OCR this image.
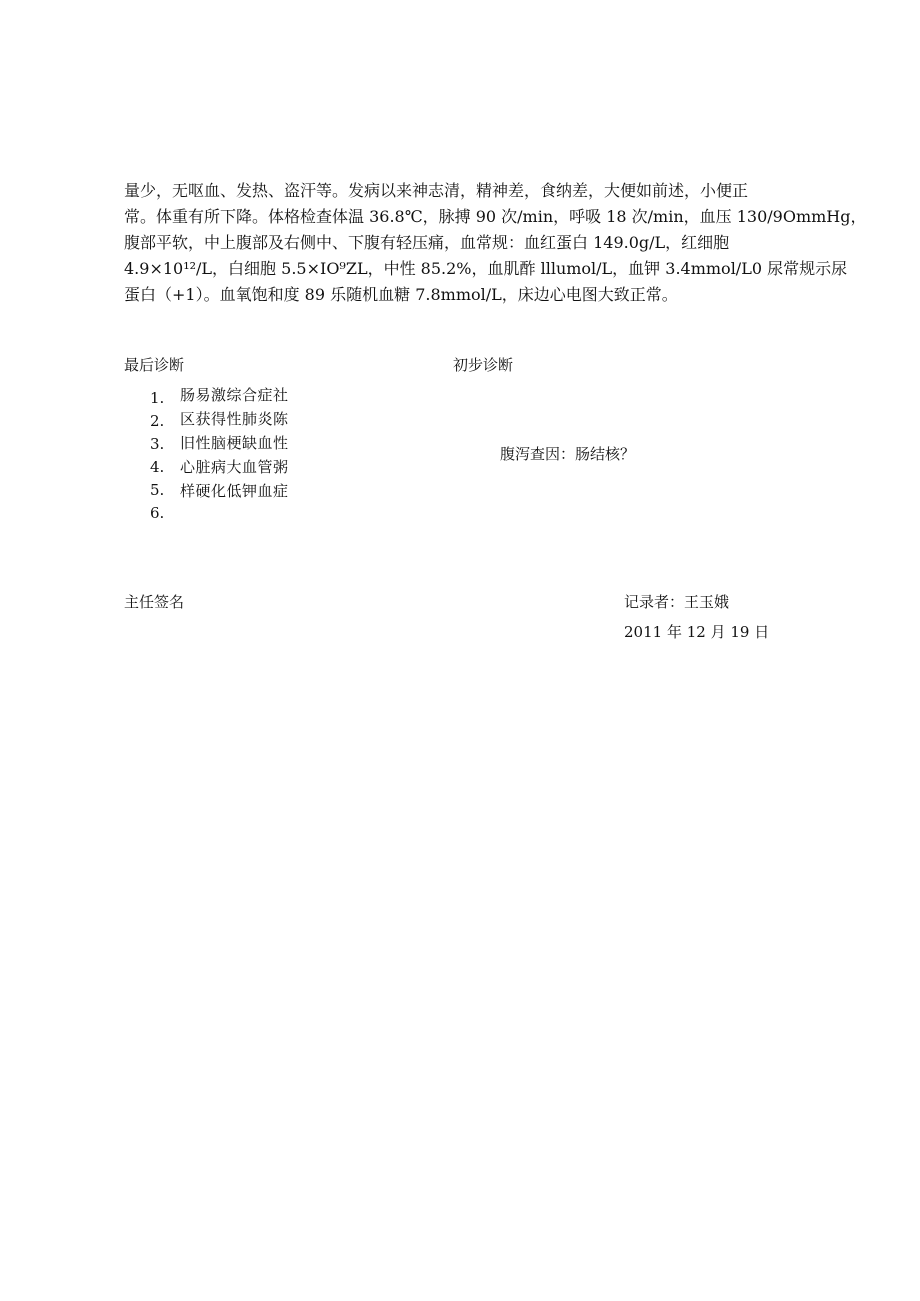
量少，无呕血、发热、盗汗等。发病以来神志清，精神差，食纳差，大便如前述，小便正
常。体重有所下降。体格检查体温 36.8℃，脉搏 90 次/min，呼吸 18 次/min，血压 130/9OmmHg，
腹部平软，中上腹部及右侧中、下腹有轻压痛，血常规：血红蛋白 149.0g/L，红细胞
4.9×10¹²/L，白细胞 5.5×IO⁹ZL，中性 85.2%，血肌酢 lllumol/L，血钾 3.4mmol/L0 尿常规示尿
蛋白（+1）。血氧饱和度 89 乐随机血糖 7.8mmol/L，床边心电图大致正常。
最后诊断	初步诊断
1.
2.
3.
4.
5.
6.
肠易激综合症社
区获得性肺炎陈
旧性脑梗缺血性
心脏病大血管粥
样硬化低钾血症
腹泻查因：肠结核？
主任签名	记录者：王玉娥
2011 年 12 月 19 日
